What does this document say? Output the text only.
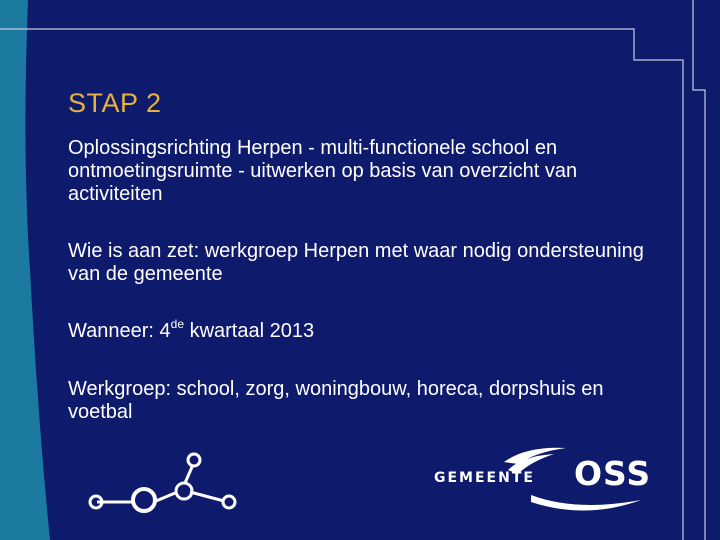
STAP 2
Oplossingsrichting Herpen - multi-functionele school en ontmoetingsruimte - uitwerken op basis van overzicht van activiteiten
Wie is aan zet: werkgroep Herpen met waar nodig ondersteuning van de gemeente
Wanneer: 4de kwartaal 2013
Werkgroep: school, zorg, woningbouw, horeca, dorpshuis en voetbal
GEMEENTE OSS
